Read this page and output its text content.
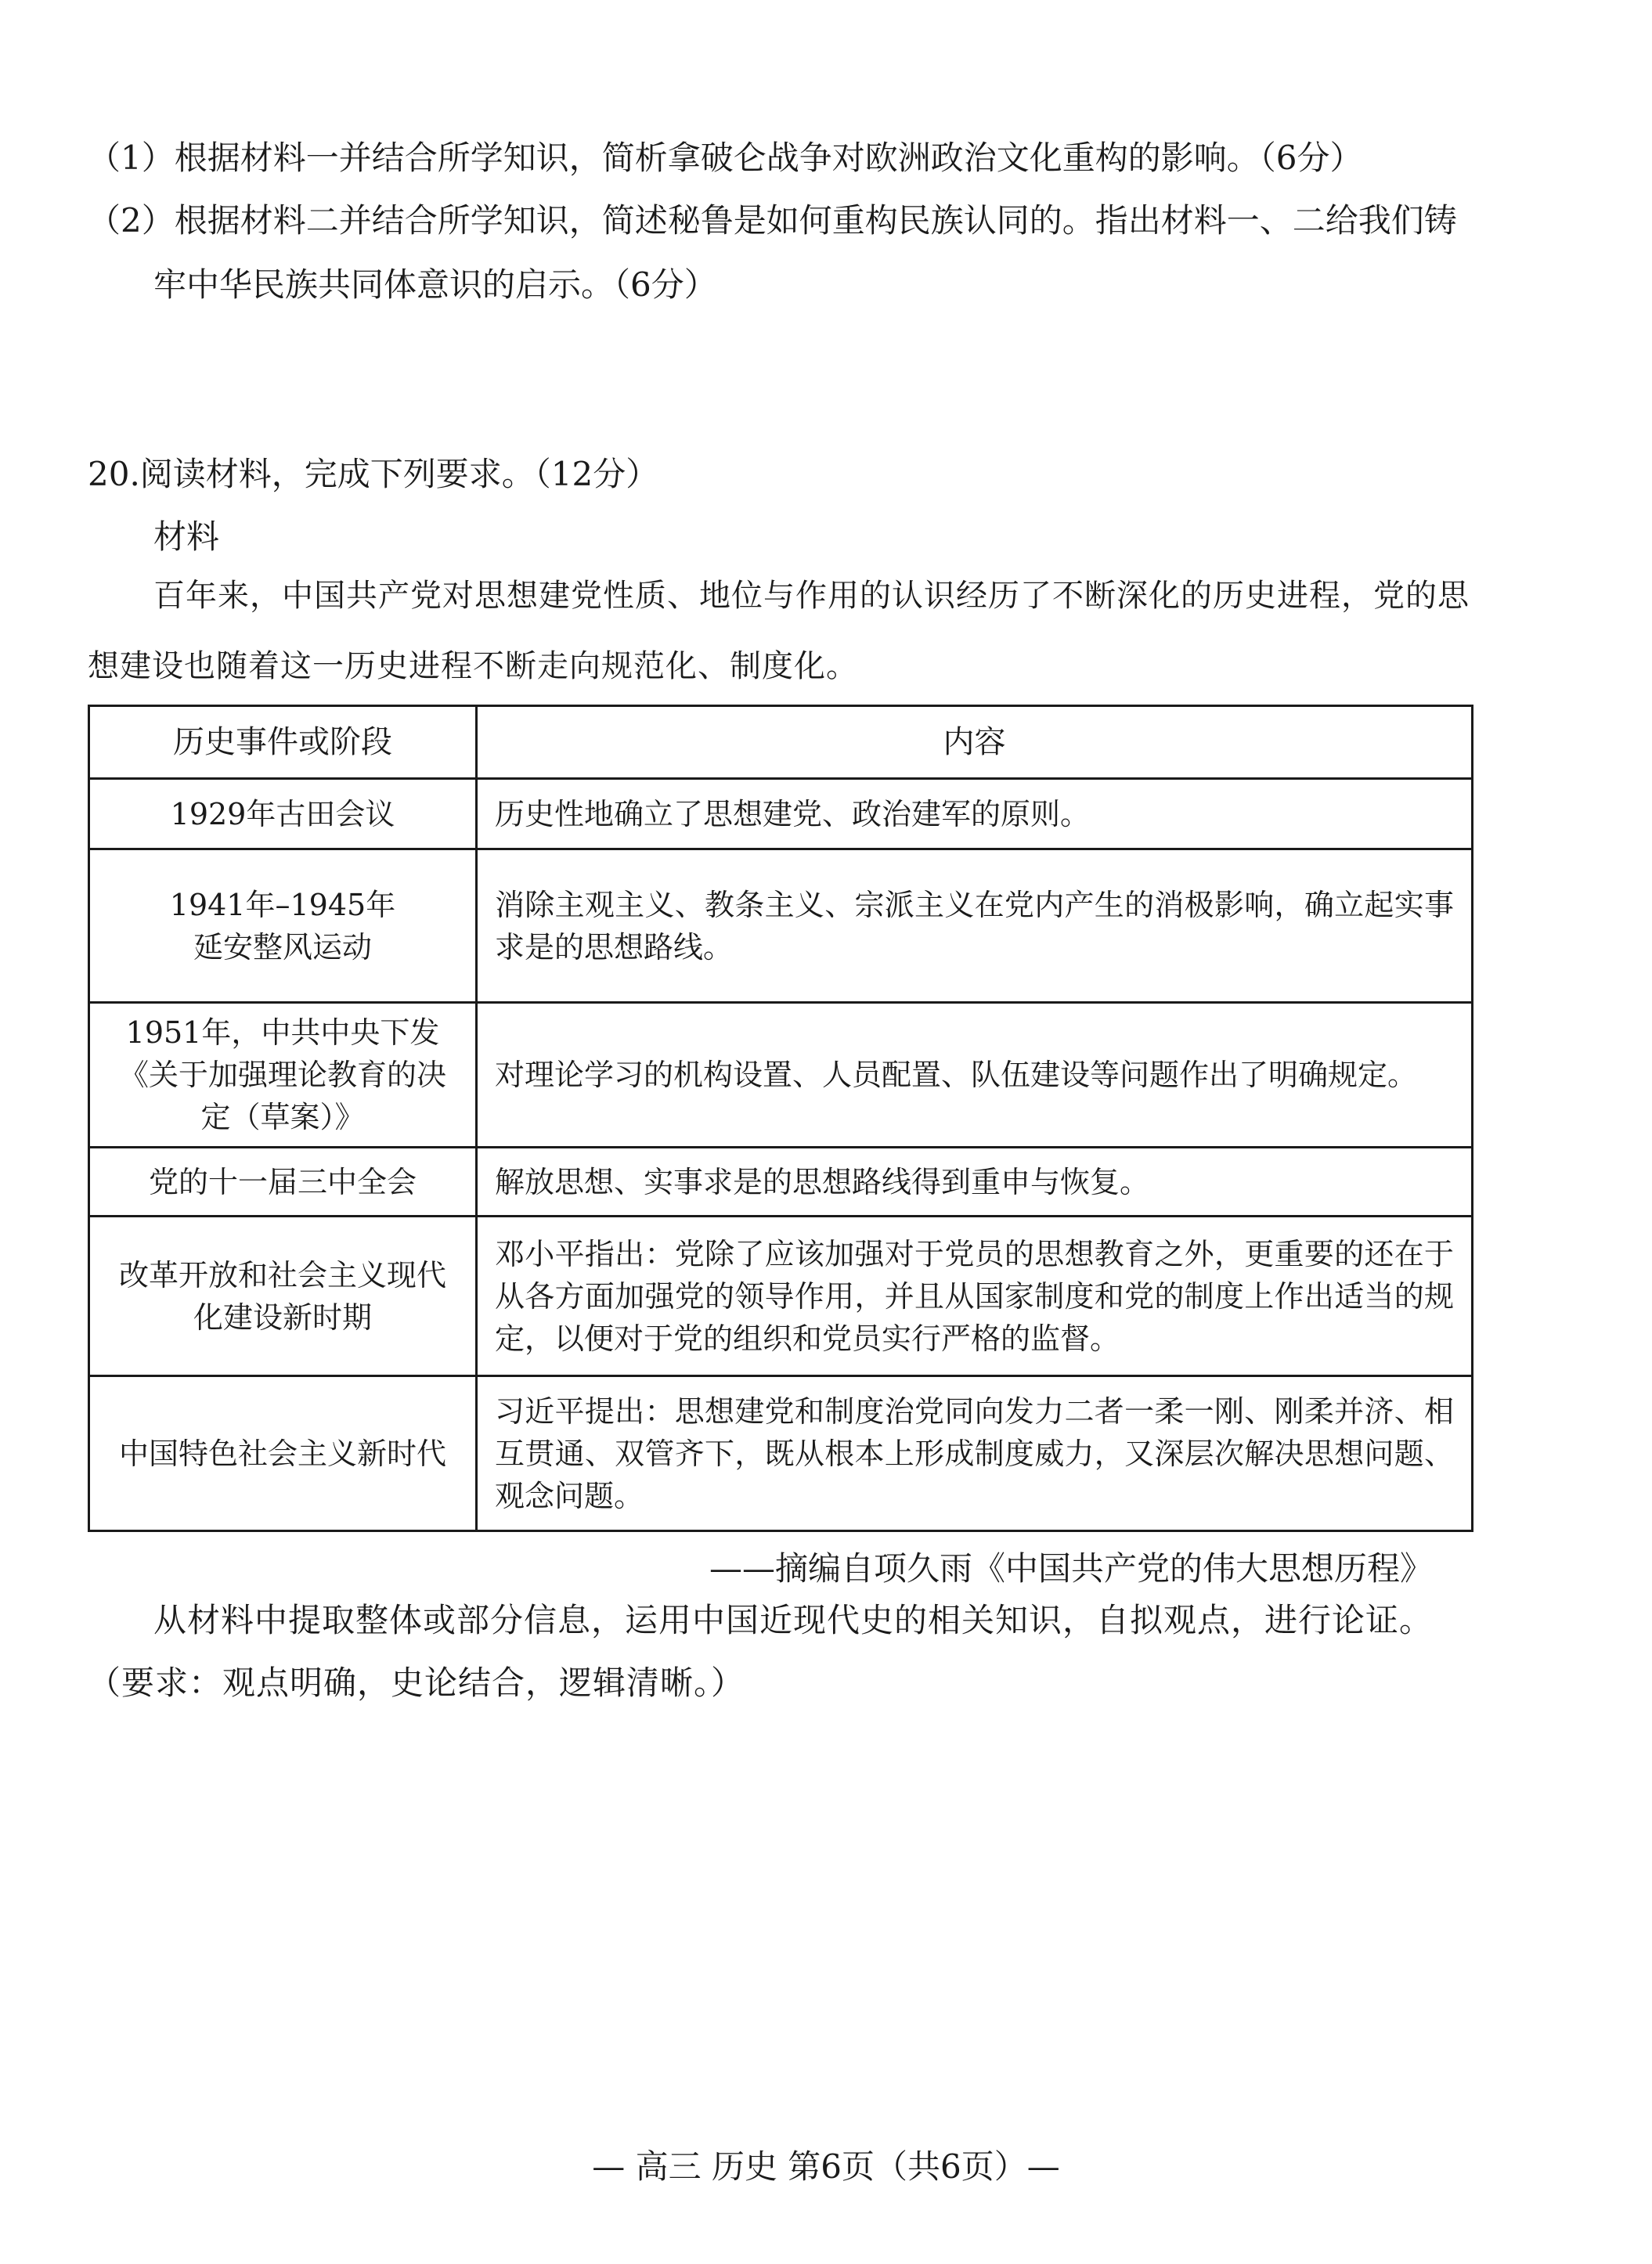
（1）根据材料一并结合所学知识，简析拿破仑战争对欧洲政治文化重构的影响。（6分）
（2）根据材料二并结合所学知识，简述秘鲁是如何重构民族认同的。指出材料一、二给我们铸
牢中华民族共同体意识的启示。（6分）
20.阅读材料，完成下列要求。（12分）
材料
百年来，中国共产党对思想建党性质、地位与作用的认识经历了不断深化的历史进程，党的思想建设也随着这一历史进程不断走向规范化、制度化。
历史事件或阶段	内容
1929年古田会议	历史性地确立了思想建党、政治建军的原则。
1941年–1945年
延安整风运动	消除主观主义、教条主义、宗派主义在党内产生的消极影响，确立起实事求是的思想路线。
1951年，中共中央下发《关于加强理论教育的决定（草案）》	对理论学习的机构设置、人员配置、队伍建设等问题作出了明确规定。
党的十一届三中全会	解放思想、实事求是的思想路线得到重申与恢复。
改革开放和社会主义现代化建设新时期	邓小平指出：党除了应该加强对于党员的思想教育之外，更重要的还在于从各方面加强党的领导作用，并且从国家制度和党的制度上作出适当的规定，以便对于党的组织和党员实行严格的监督。
中国特色社会主义新时代	习近平提出：思想建党和制度治党同向发力二者一柔一刚、刚柔并济、相互贯通、双管齐下，既从根本上形成制度威力，又深层次解决思想问题、观念问题。
——摘编自项久雨《中国共产党的伟大思想历程》
从材料中提取整体或部分信息，运用中国近现代史的相关知识，自拟观点，进行论证。（要求：观点明确，史论结合，逻辑清晰。）
— 高三 历史 第6页（共6页）—
